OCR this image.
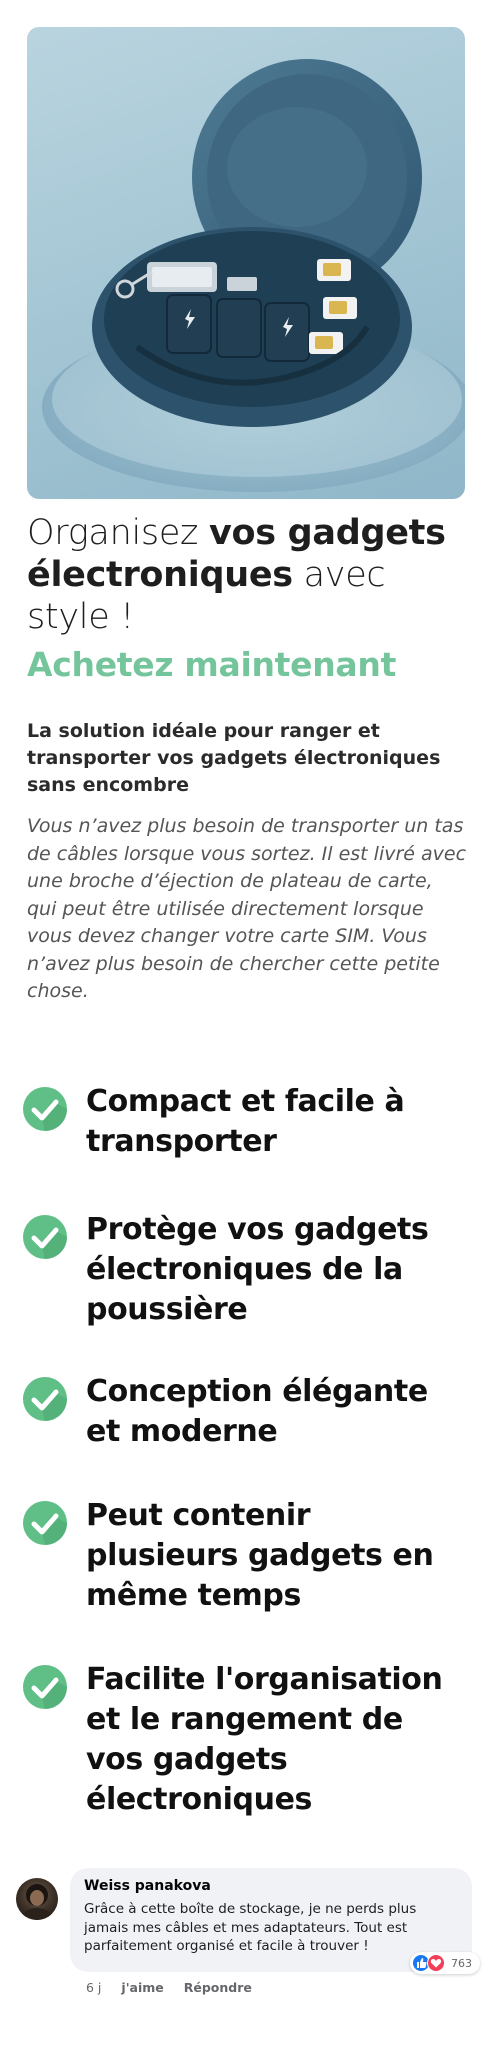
Organisez vos gadgets électroniques avec style !
Achetez maintenant
La solution idéale pour ranger et transporter vos gadgets électroniques sans encombre
Vous n’avez plus besoin de transporter un tas de câbles lorsque vous sortez. Il est livré avec une broche d’éjection de plateau de carte, qui peut être utilisée directement lorsque vous devez changer votre carte SIM. Vous n’avez plus besoin de chercher cette petite chose.
Compact et facile à transporter
Protège vos gadgets électroniques de la poussière
Conception élégante et moderne
Peut contenir plusieurs gadgets en même temps
Facilite l'organisation et le rangement de vos gadgets électroniques
Weiss panakova
Grâce à cette boîte de stockage, je ne perds plus jamais mes câbles et mes adaptateurs. Tout est parfaitement organisé et facile à trouver !
763
6 j j'aime Répondre
